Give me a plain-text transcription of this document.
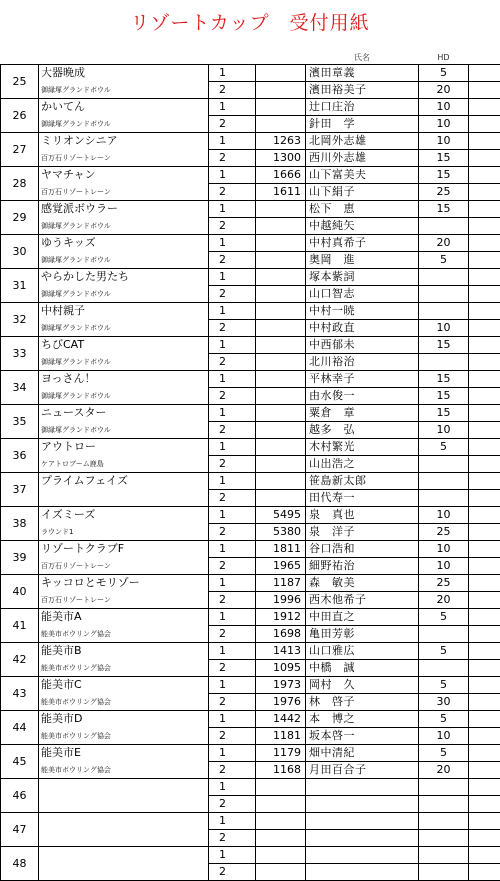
リゾートカップ　受付用紙
				氏名	HD	
25	大器晩成	1		濱田章義	5	
	御縁塚グランドボウル	2		濱田裕美子	20	
26	かいてん	1		辻口庄治	10	
	御縁塚グランドボウル	2		針田　学	10	
27	ミリオンシニア	1	1263	北岡外志雄	10	
	百万石リゾートレーン	2	1300	西川外志雄	15	
28	ヤマチャン	1	1666	山下富美夫	15	
	百万石リゾートレーン	2	1611	山下絹子	25	
29	感覚派ボウラー	1		松下　恵	15	
	御縁塚グランドボウル	2		中越純矢		
30	ゆうキッズ	1		中村真希子	20	
	御縁塚グランドボウル	2		奥岡　進	5	
31	やらかした男たち	1		塚本紫詞		
	御縁塚グランドボウル	2		山口智志		
32	中村親子	1		中村一暁		
	御縁塚グランドボウル	2		中村政直	10	
33	ちびCAT	1		中西郁未	15	
	御縁塚グランドボウル	2		北川裕治		
34	ヨっさん！	1		平林幸子	15	
	御縁塚グランドボウル	2		由水俊一	15	
35	ニュースター	1		粟倉　章	15	
	御縁塚グランドボウル	2		越多　弘	10	
36	アウトロー	1		木村繁光	5	
	ケアトロブーム鹿島	2		山出浩之		
37	プライムフェイズ	1		笹島新太郎		
		2		田代寿一		
38	イズミーズ	1	5495	泉　真也	10	
	ラウンド1	2	5380	泉　洋子	25	
39	リゾートクラブF	1	1811	谷口浩和	10	
	百万石リゾートレーン	2	1965	細野祐治	10	
40	キッコロとモリゾー	1	1187	森　敏美	25	
	百万石リゾートレーン	2	1996	西木他希子	20	
41	能美市A	1	1912	中田直之	5	
	能美市ボウリング協会	2	1698	亀田芳彰		
42	能美市B	1	1413	山口雅広	5	
	能美市ボウリング協会	2	1095	中橋　誠		
43	能美市C	1	1973	岡村　久	5	
	能美市ボウリング協会	2	1976	林　啓子	30	
44	能美市D	1	1442	本　博之	5	
	能美市ボウリング協会	2	1181	坂本啓一	10	
45	能美市E	1	1179	畑中清紀	5	
	能美市ボウリング協会	2	1168	月田百合子	20	
46		1				
		2				
47		1				
		2				
48		1				
		2				
